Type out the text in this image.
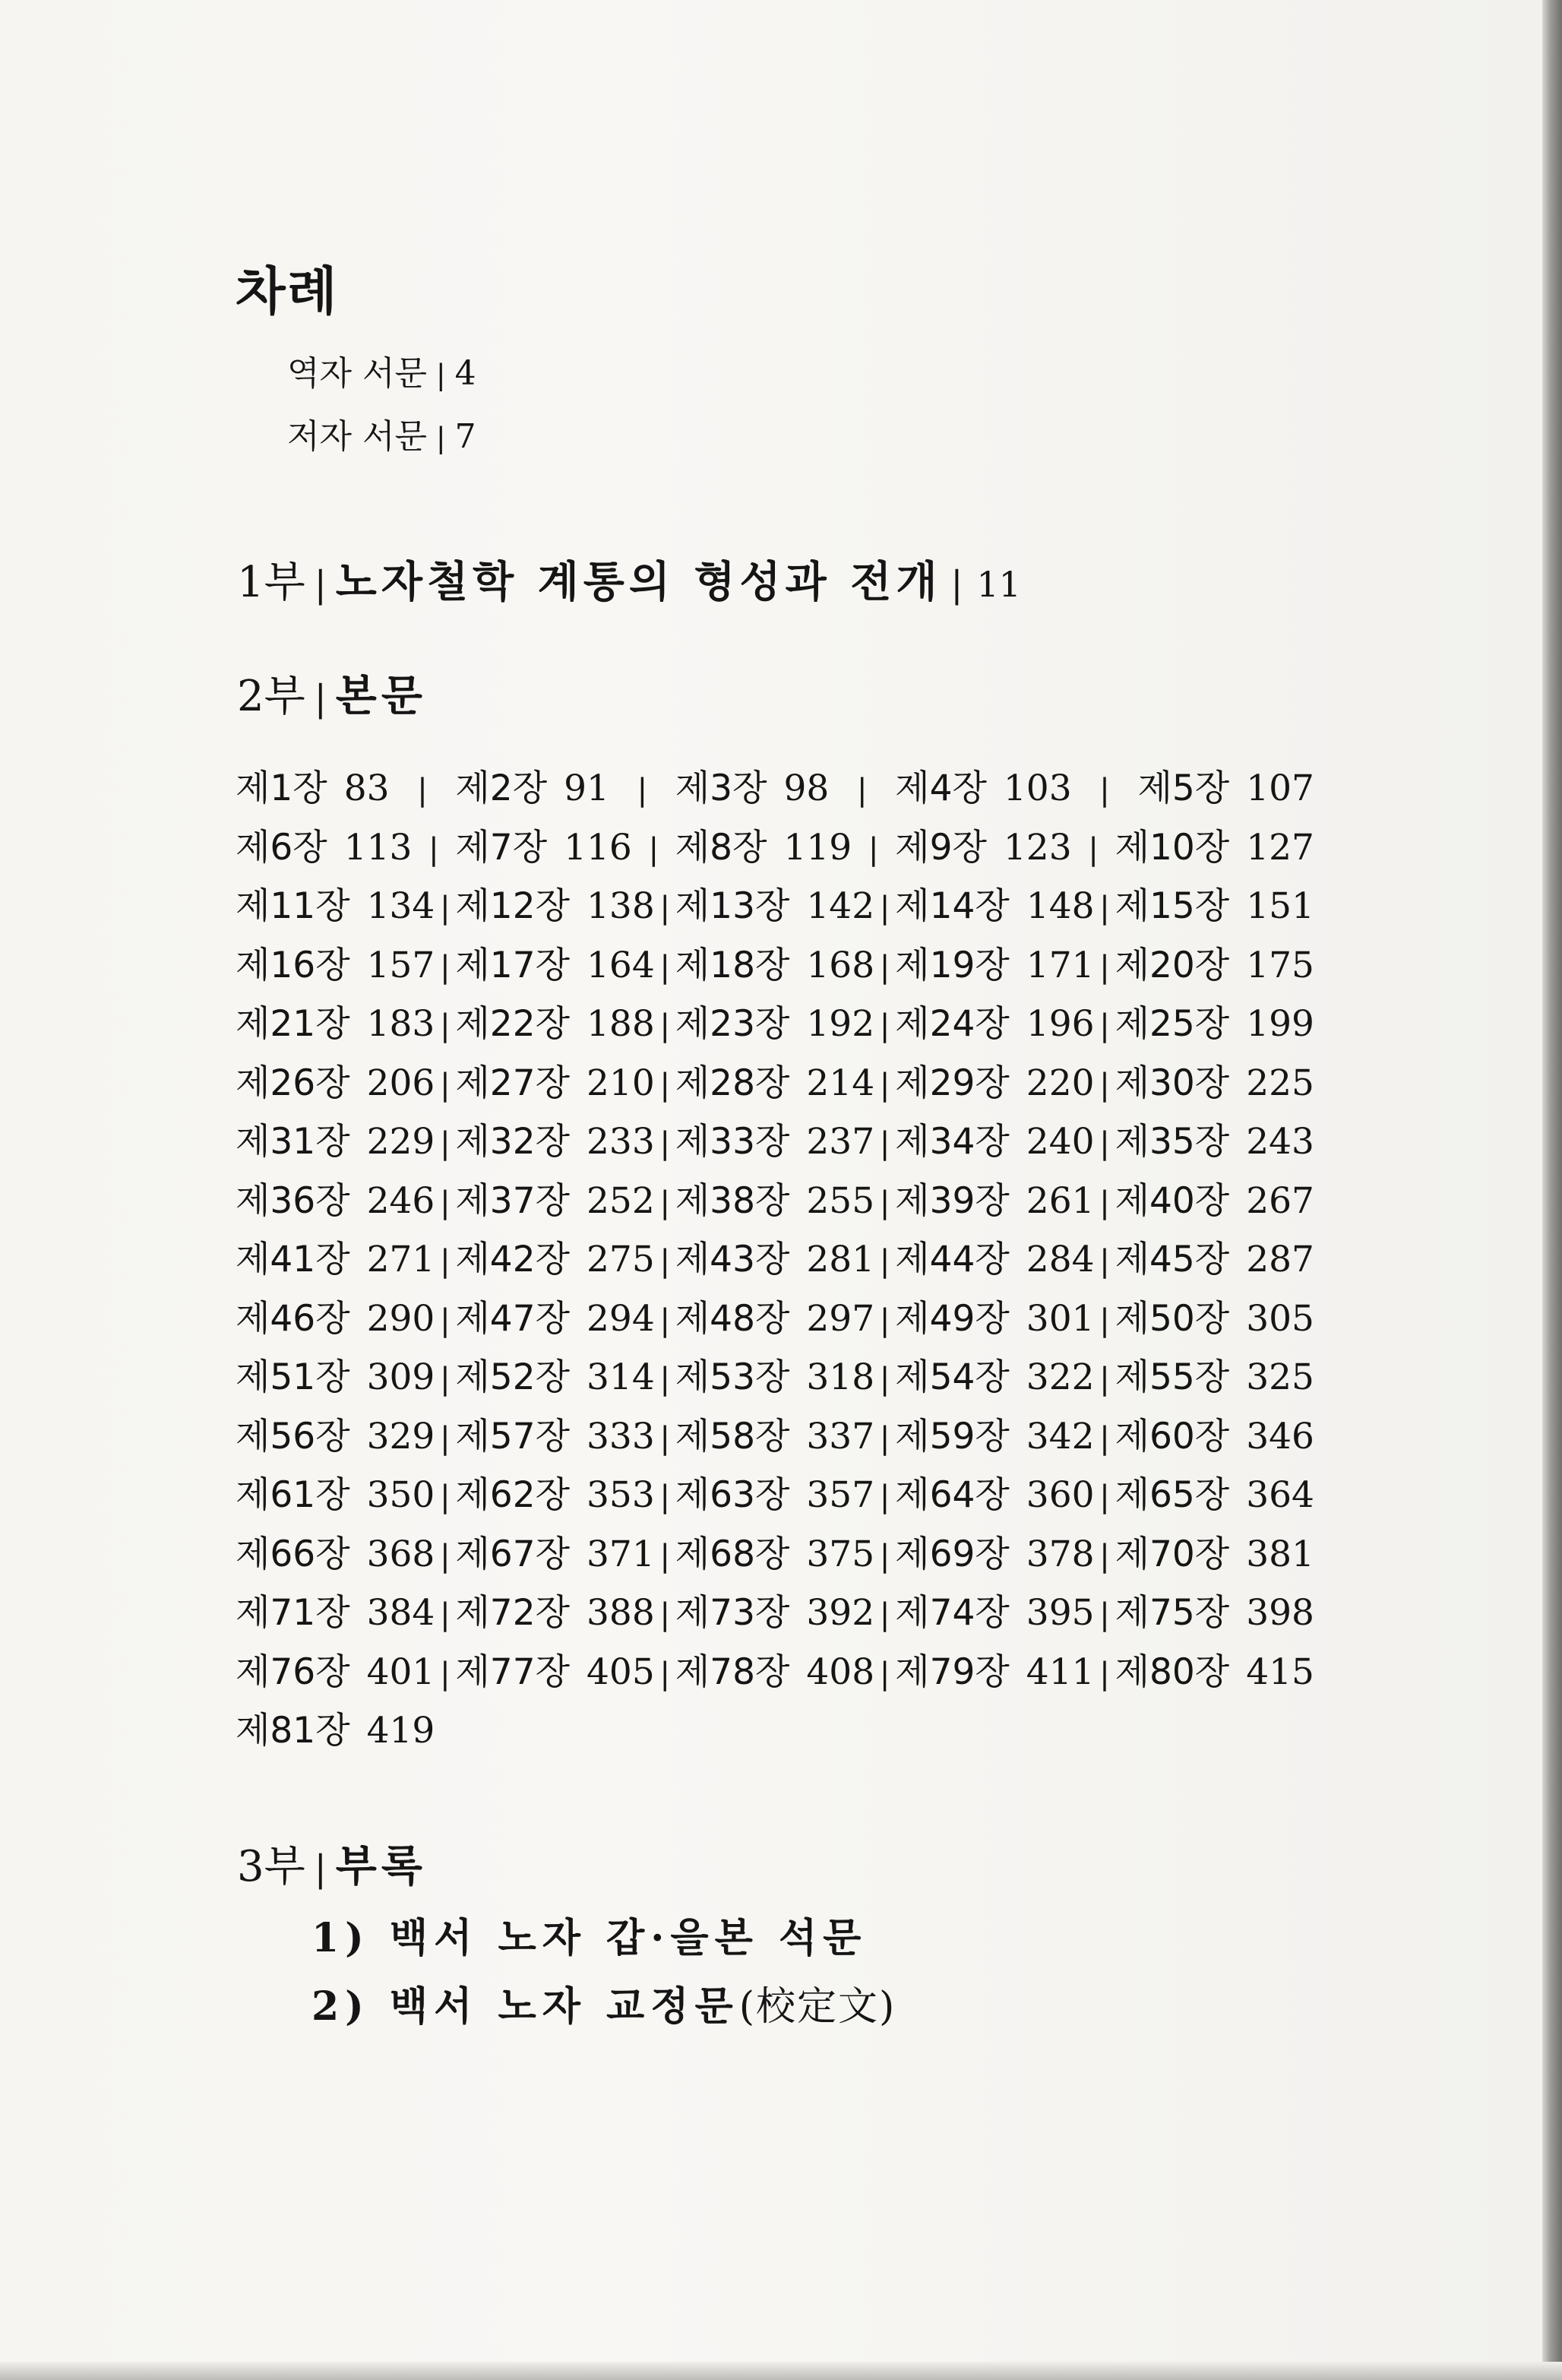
차례
역자 서문 | 4
저자 서문 | 7
1부 | 노자철학 계통의 형성과 전개 | 11
2부 | 본문
제1장 83 | 제2장 91 | 제3장 98 | 제4장 103 | 제5장 107
제6장 113 | 제7장 116 | 제8장 119 | 제9장 123 | 제10장 127
제11장 134 | 제12장 138 | 제13장 142 | 제14장 148 | 제15장 151
제16장 157 | 제17장 164 | 제18장 168 | 제19장 171 | 제20장 175
제21장 183 | 제22장 188 | 제23장 192 | 제24장 196 | 제25장 199
제26장 206 | 제27장 210 | 제28장 214 | 제29장 220 | 제30장 225
제31장 229 | 제32장 233 | 제33장 237 | 제34장 240 | 제35장 243
제36장 246 | 제37장 252 | 제38장 255 | 제39장 261 | 제40장 267
제41장 271 | 제42장 275 | 제43장 281 | 제44장 284 | 제45장 287
제46장 290 | 제47장 294 | 제48장 297 | 제49장 301 | 제50장 305
제51장 309 | 제52장 314 | 제53장 318 | 제54장 322 | 제55장 325
제56장 329 | 제57장 333 | 제58장 337 | 제59장 342 | 제60장 346
제61장 350 | 제62장 353 | 제63장 357 | 제64장 360 | 제65장 364
제66장 368 | 제67장 371 | 제68장 375 | 제69장 378 | 제70장 381
제71장 384 | 제72장 388 | 제73장 392 | 제74장 395 | 제75장 398
제76장 401 | 제77장 405 | 제78장 408 | 제79장 411 | 제80장 415
제81장 419
3부 | 부록
1) 백서 노자 갑·을본 석문
2) 백서 노자 교정문(校定文)
